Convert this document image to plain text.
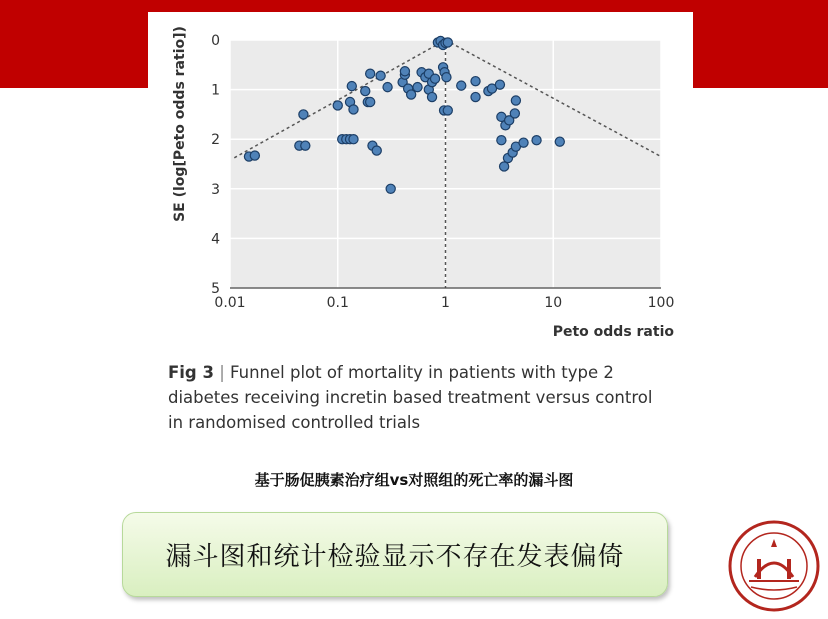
0.01	0.1	1	10	100
0
1
2
3
4
5
Peto odds ratio
SE (log[Peto odds ratio])
Fig 3 | Funnel plot of mortality in patients with type 2
diabetes receiving incretin based treatment versus control
in randomised controlled trials
基于肠促胰素治疗组vs对照组的死亡率的漏斗图
漏斗图和统计检验显示不存在发表偏倚
